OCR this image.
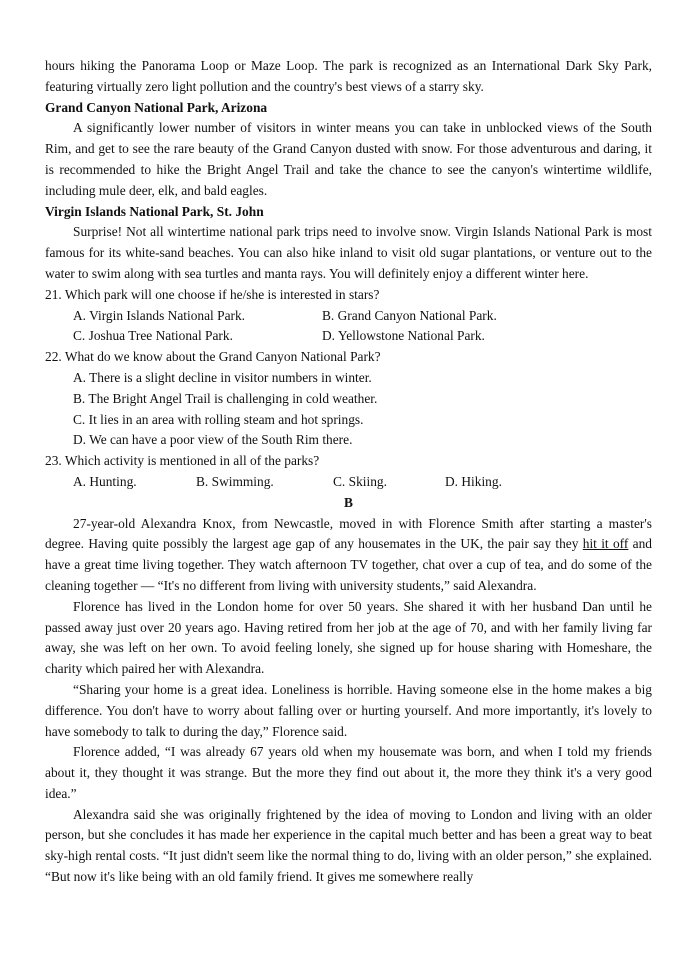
hours hiking the Panorama Loop or Maze Loop. The park is recognized as an International Dark Sky Park, featuring virtually zero light pollution and the country's best views of a starry sky.

Grand Canyon National Park, Arizona

A significantly lower number of visitors in winter means you can take in unblocked views of the South Rim, and get to see the rare beauty of the Grand Canyon dusted with snow. For those adventurous and daring, it is recommended to hike the Bright Angel Trail and take the chance to see the canyon's wintertime wildlife, including mule deer, elk, and bald eagles.

Virgin Islands National Park, St. John

Surprise! Not all wintertime national park trips need to involve snow. Virgin Islands National Park is most famous for its white-sand beaches. You can also hike inland to visit old sugar plantations, or venture out to the water to swim along with sea turtles and manta rays. You will definitely enjoy a different winter here.

21. Which park will one choose if he/she is interested in stars?

A. Virgin Islands National Park.	B. Grand Canyon National Park.
C. Joshua Tree National Park.	D. Yellowstone National Park.

22. What do we know about the Grand Canyon National Park?

A. There is a slight decline in visitor numbers in winter.

B. The Bright Angel Trail is challenging in cold weather.

C. It lies in an area with rolling steam and hot springs.

D. We can have a poor view of the South Rim there.

23. Which activity is mentioned in all of the parks?

A. Hunting.	B. Swimming.	C. Skiing.	D. Hiking.

B

27-year-old Alexandra Knox, from Newcastle, moved in with Florence Smith after starting a master's degree. Having quite possibly the largest age gap of any housemates in the UK, the pair say they hit it off and have a great time living together. They watch afternoon TV together, chat over a cup of tea, and do some of the cleaning together — “It's no different from living with university students,” said Alexandra.

Florence has lived in the London home for over 50 years. She shared it with her husband Dan until he passed away just over 20 years ago. Having retired from her job at the age of 70, and with her family living far away, she was left on her own. To avoid feeling lonely, she signed up for house sharing with Homeshare, the charity which paired her with Alexandra.

“Sharing your home is a great idea. Loneliness is horrible. Having someone else in the home makes a big difference. You don't have to worry about falling over or hurting yourself. And more importantly, it's lovely to have somebody to talk to during the day,” Florence said.

Florence added, “I was already 67 years old when my housemate was born, and when I told my friends about it, they thought it was strange. But the more they find out about it, the more they think it's a very good idea.”

Alexandra said she was originally frightened by the idea of moving to London and living with an older person, but she concludes it has made her experience in the capital much better and has been a great way to beat sky-high rental costs. “It just didn't seem like the normal thing to do, living with an older person,” she explained. “But now it's like being with an old family friend. It gives me somewhere really
